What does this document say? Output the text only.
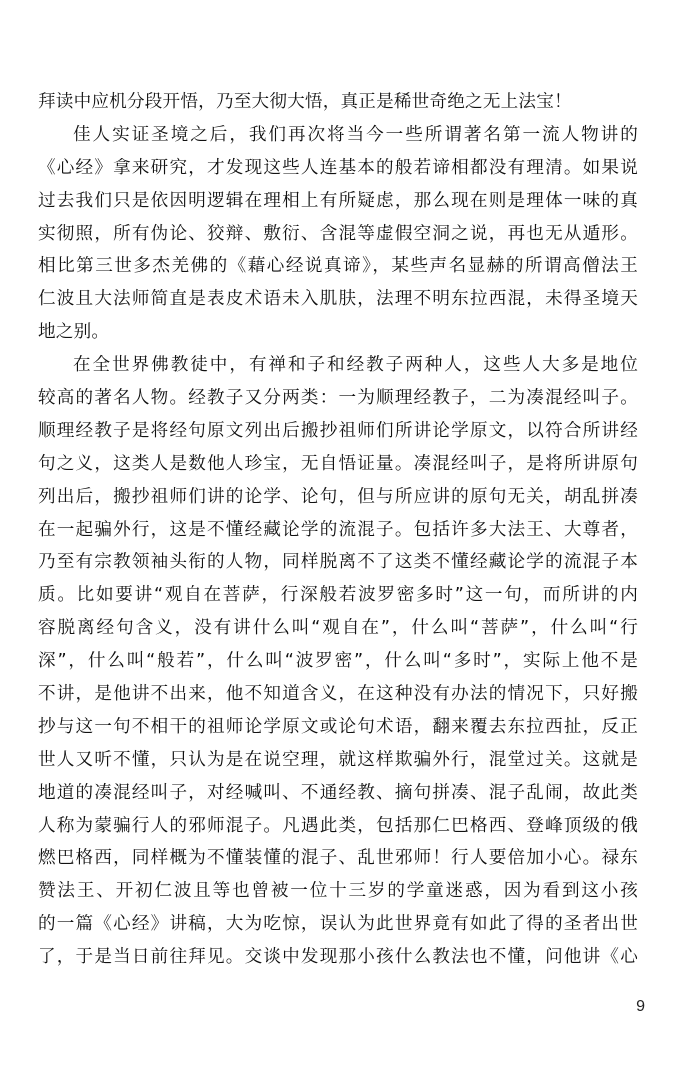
拜读中应机分段开悟，乃至大彻大悟，真正是稀世奇绝之无上法宝！
佳人实证圣境之后，我们再次将当今一些所谓著名第一流人物讲的
《心经》拿来研究，才发现这些人连基本的般若谛相都没有理清。如果说
过去我们只是依因明逻辑在理相上有所疑虑，那么现在则是理体一味的真
实彻照，所有伪论、狡辩、敷衍、含混等虚假空洞之说，再也无从遁形。
相比第三世多杰羌佛的《藉心经说真谛》，某些声名显赫的所谓高僧法王
仁波且大法师简直是表皮术语未入肌肤，法理不明东拉西混，未得圣境天
地之别。
在全世界佛教徒中，有禅和子和经教子两种人，这些人大多是地位
较高的著名人物。经教子又分两类：一为顺理经教子，二为凑混经叫子。
顺理经教子是将经句原文列出后搬抄祖师们所讲论学原文，以符合所讲经
句之义，这类人是数他人珍宝，无自悟证量。凑混经叫子，是将所讲原句
列出后，搬抄祖师们讲的论学、论句，但与所应讲的原句无关，胡乱拼凑
在一起骗外行，这是不懂经藏论学的流混子。包括许多大法王、大尊者，
乃至有宗教领袖头衔的人物，同样脱离不了这类不懂经藏论学的流混子本
质。比如要讲“观自在菩萨，行深般若波罗密多时”这一句，而所讲的内
容脱离经句含义，没有讲什么叫“观自在”，什么叫“菩萨”，什么叫“行
深”，什么叫“般若”，什么叫“波罗密”，什么叫“多时”，实际上他不是
不讲，是他讲不出来，他不知道含义，在这种没有办法的情况下，只好搬
抄与这一句不相干的祖师论学原文或论句术语，翻来覆去东拉西扯，反正
世人又听不懂，只认为是在说空理，就这样欺骗外行，混堂过关。这就是
地道的凑混经叫子，对经喊叫、不通经教、摘句拼凑、混子乱闹，故此类
人称为蒙骗行人的邪师混子。凡遇此类，包括那仁巴格西、登峰顶级的俄
燃巴格西，同样概为不懂装懂的混子、乱世邪师！行人要倍加小心。禄东
赞法王、开初仁波且等也曾被一位十三岁的学童迷惑，因为看到这小孩
的一篇《心经》讲稿，大为吃惊，误认为此世界竟有如此了得的圣者出世
了，于是当日前往拜见。交谈中发现那小孩什么教法也不懂，问他讲《心
9
